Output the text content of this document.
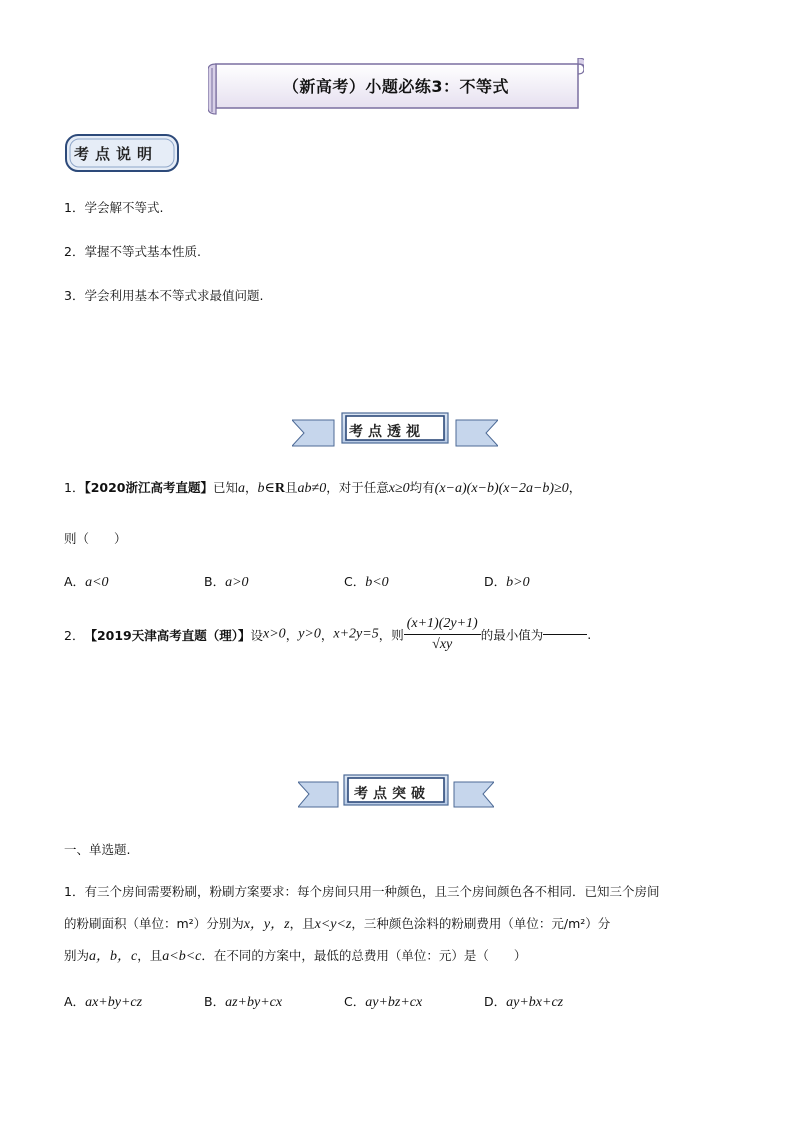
（新高考）小题必练3：不等式
考点说明
1．学会解不等式.
2．掌握不等式基本性质.
3．学会利用基本不等式求最值问题.
考点透视
1．【2020浙江高考直题】已知a，b∈R且ab≠0，对于任意x≥0均有(x−a)(x−b)(x−2a−b)≥0，
则（　　）
A．a<0	B．a>0	C．b<0	D．b>0
2．【2019天津高考直题（理）】设x>0，y>0，x+2y=5，则 $\frac{(x+1)(2y+1)}{√xy}$ 的最小值为	.
考点突破
一、单选题.
1．有三个房间需要粉刷，粉刷方案要求：每个房间只用一种颜色，且三个房间颜色各不相同．已知三个房间
的粉刷面积（单位：m²）分别为x，y，z，且x<y<z，三种颜色涂料的粉刷费用（单位：元/m²）分
别为a，b，c，且a<b<c．在不同的方案中，最低的总费用（单位：元）是（　　）
A．ax+by+cz	B．az+by+cx	C．ay+bz+cx	D．ay+bx+cz
